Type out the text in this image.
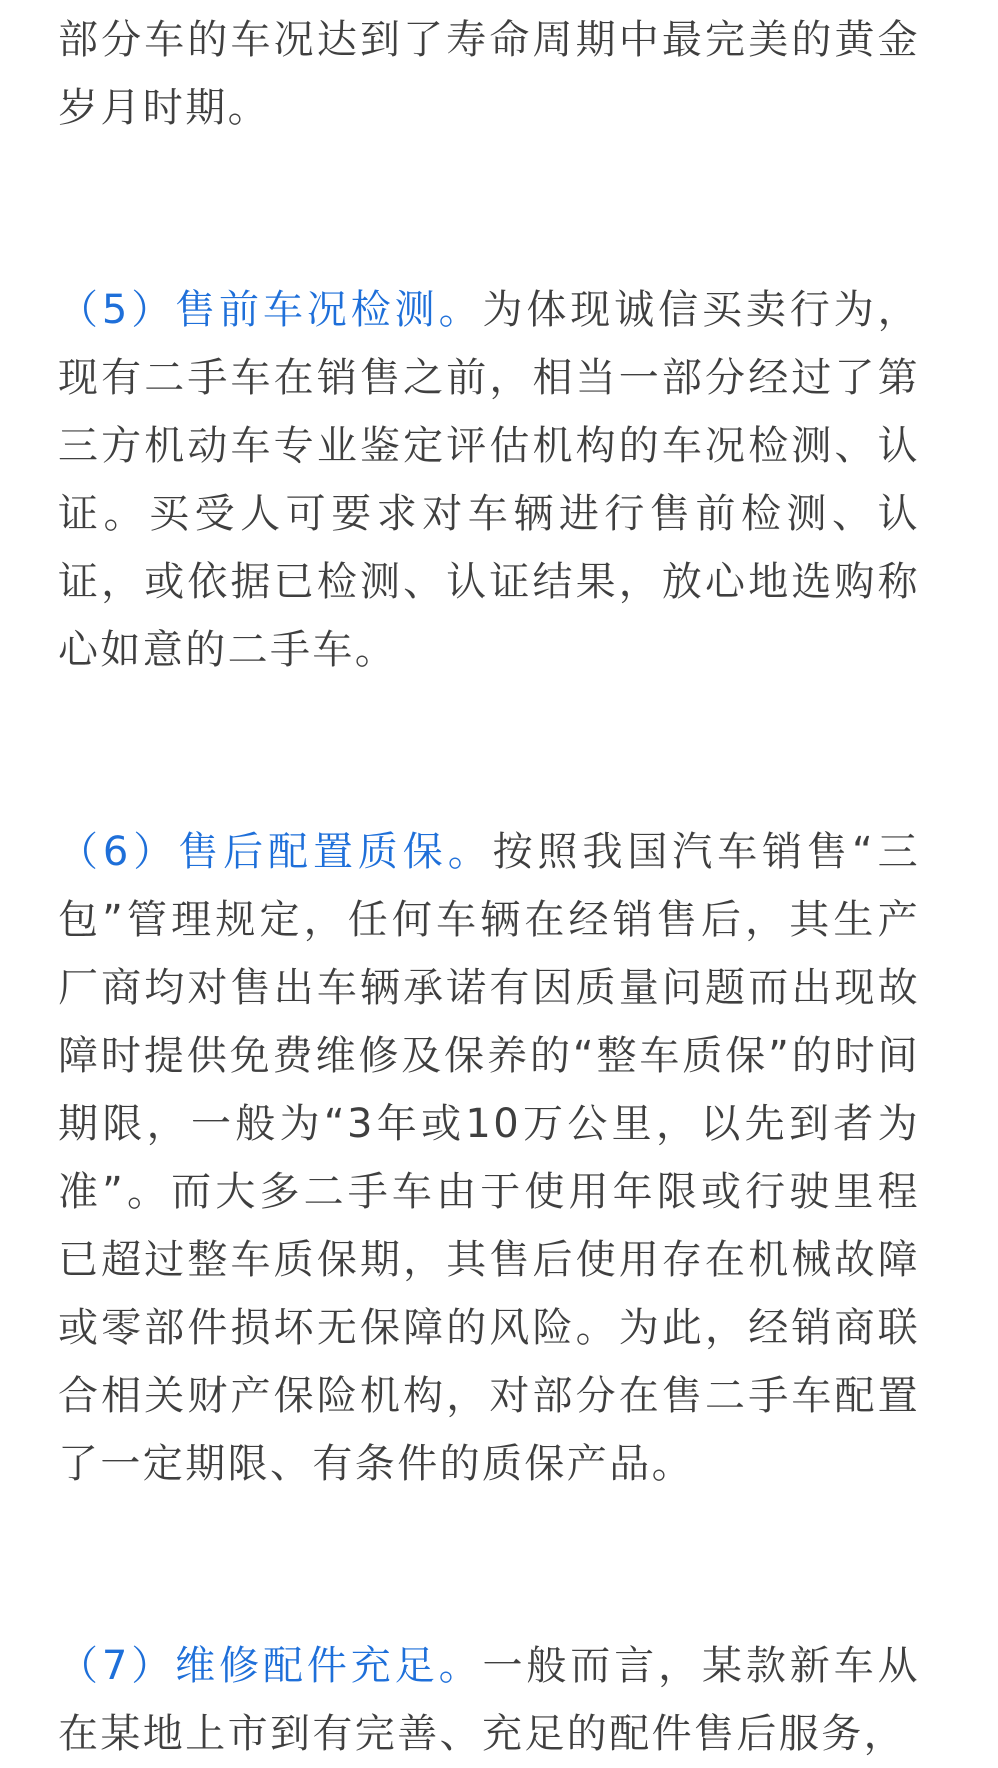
部分车的车况达到了寿命周期中最完美的黄金岁月时期。

（5）售前车况检测。为体现诚信买卖行为，现有二手车在销售之前，相当一部分经过了第三方机动车专业鉴定评估机构的车况检测、认证。买受人可要求对车辆进行售前检测、认证，或依据已检测、认证结果，放心地选购称心如意的二手车。

（6）售后配置质保。按照我国汽车销售“三包”管理规定，任何车辆在经销售后，其生产厂商均对售出车辆承诺有因质量问题而出现故障时提供免费维修及保养的“整车质保”的时间期限，一般为“3年或10万公里，以先到者为准”。而大多二手车由于使用年限或行驶里程已超过整车质保期，其售后使用存在机械故障或零部件损坏无保障的风险。为此，经销商联合相关财产保险机构，对部分在售二手车配置了一定期限、有条件的质保产品。

（7）维修配件充足。一般而言，某款新车从在某地上市到有完善、充足的配件售后服务，
